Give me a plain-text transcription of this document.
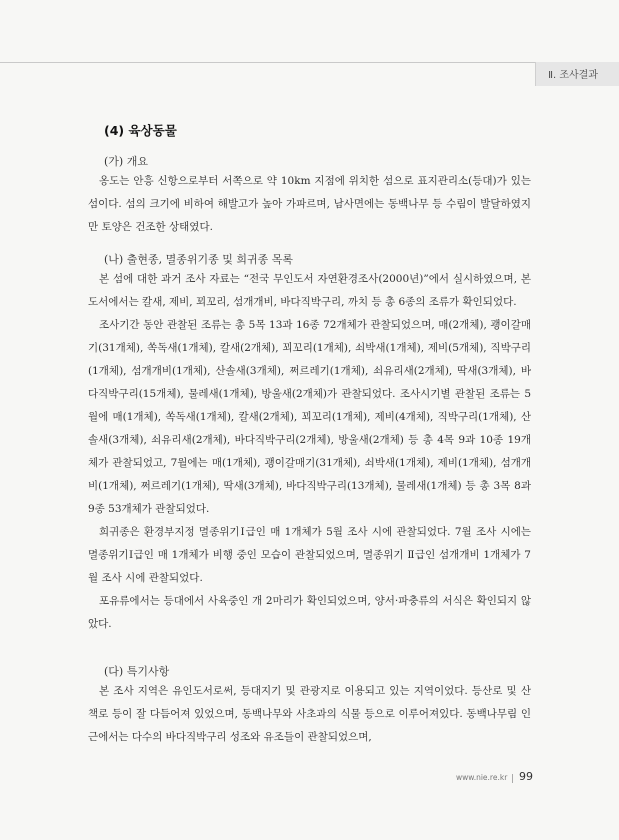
Ⅱ. 조사결과
(4) 육상동물
(가) 개요

옹도는 안흥 신항으로부터 서쪽으로 약 10km 지점에 위치한 섬으로 표지관리소(등대)가 있는 섬이다. 섬의 크기에 비하여 해발고가 높아 가파르며, 남사면에는 동백나무 등 수림이 발달하였지만 토양은 건조한 상태였다.

(나) 출현종, 멸종위기종 및 희귀종 목록

본 섬에 대한 과거 조사 자료는 “전국 무인도서 자연환경조사(2000년)”에서 실시하였으며, 본 도서에서는 칼새, 제비, 꾀꼬리, 섬개개비, 바다직박구리, 까치 등 총 6종의 조류가 확인되었다.

조사기간 동안 관찰된 조류는 총 5목 13과 16종 72개체가 관찰되었으며, 매(2개체), 괭이갈매기(31개체), 쏙독새(1개체), 칼새(2개체), 꾀꼬리(1개체), 쇠박새(1개체), 제비(5개체), 직박구리(1개체), 섬개개비(1개체), 산솔새(3개체), 쩌르레기(1개체), 쇠유리새(2개체), 딱새(3개체), 바다직박구리(15개체), 물레새(1개체), 방울새(2개체)가 관찰되었다. 조사시기별 관찰된 조류는 5월에 매(1개체), 쏙독새(1개체), 칼새(2개체), 꾀꼬리(1개체), 제비(4개체), 직박구리(1개체), 산솔새(3개체), 쇠유리새(2개체), 바다직박구리(2개체), 방울새(2개체) 등 총 4목 9과 10종 19개체가 관찰되었고, 7월에는 매(1개체), 괭이갈매기(31개체), 쇠박새(1개체), 제비(1개체), 섬개개비(1개체), 쩌르레기(1개체), 딱새(3개체), 바다직박구리(13개체), 물레새(1개체) 등 총 3목 8과 9종 53개체가 관찰되었다.

희귀종은 환경부지정 멸종위기Ⅰ급인 매 1개체가 5월 조사 시에 관찰되었다. 7월 조사 시에는 멸종위기Ⅰ급인 매 1개체가 비행 중인 모습이 관찰되었으며, 멸종위기 Ⅱ급인 섬개개비 1개체가 7월 조사 시에 관찰되었다.

포유류에서는 등대에서 사육중인 개 2마리가 확인되었으며, 양서·파충류의 서식은 확인되지 않았다.

(다) 특기사항

본 조사 지역은 유인도서로써, 등대지기 및 관광지로 이용되고 있는 지역이었다. 등산로 및 산책로 등이 잘 다듬어져 있었으며, 동백나무와 사초과의 식물 등으로 이루어져있다. 동백나무림 인근에서는 다수의 바다직박구리 성조와 유조들이 관찰되었으며,

www.nie.re.kr 99
